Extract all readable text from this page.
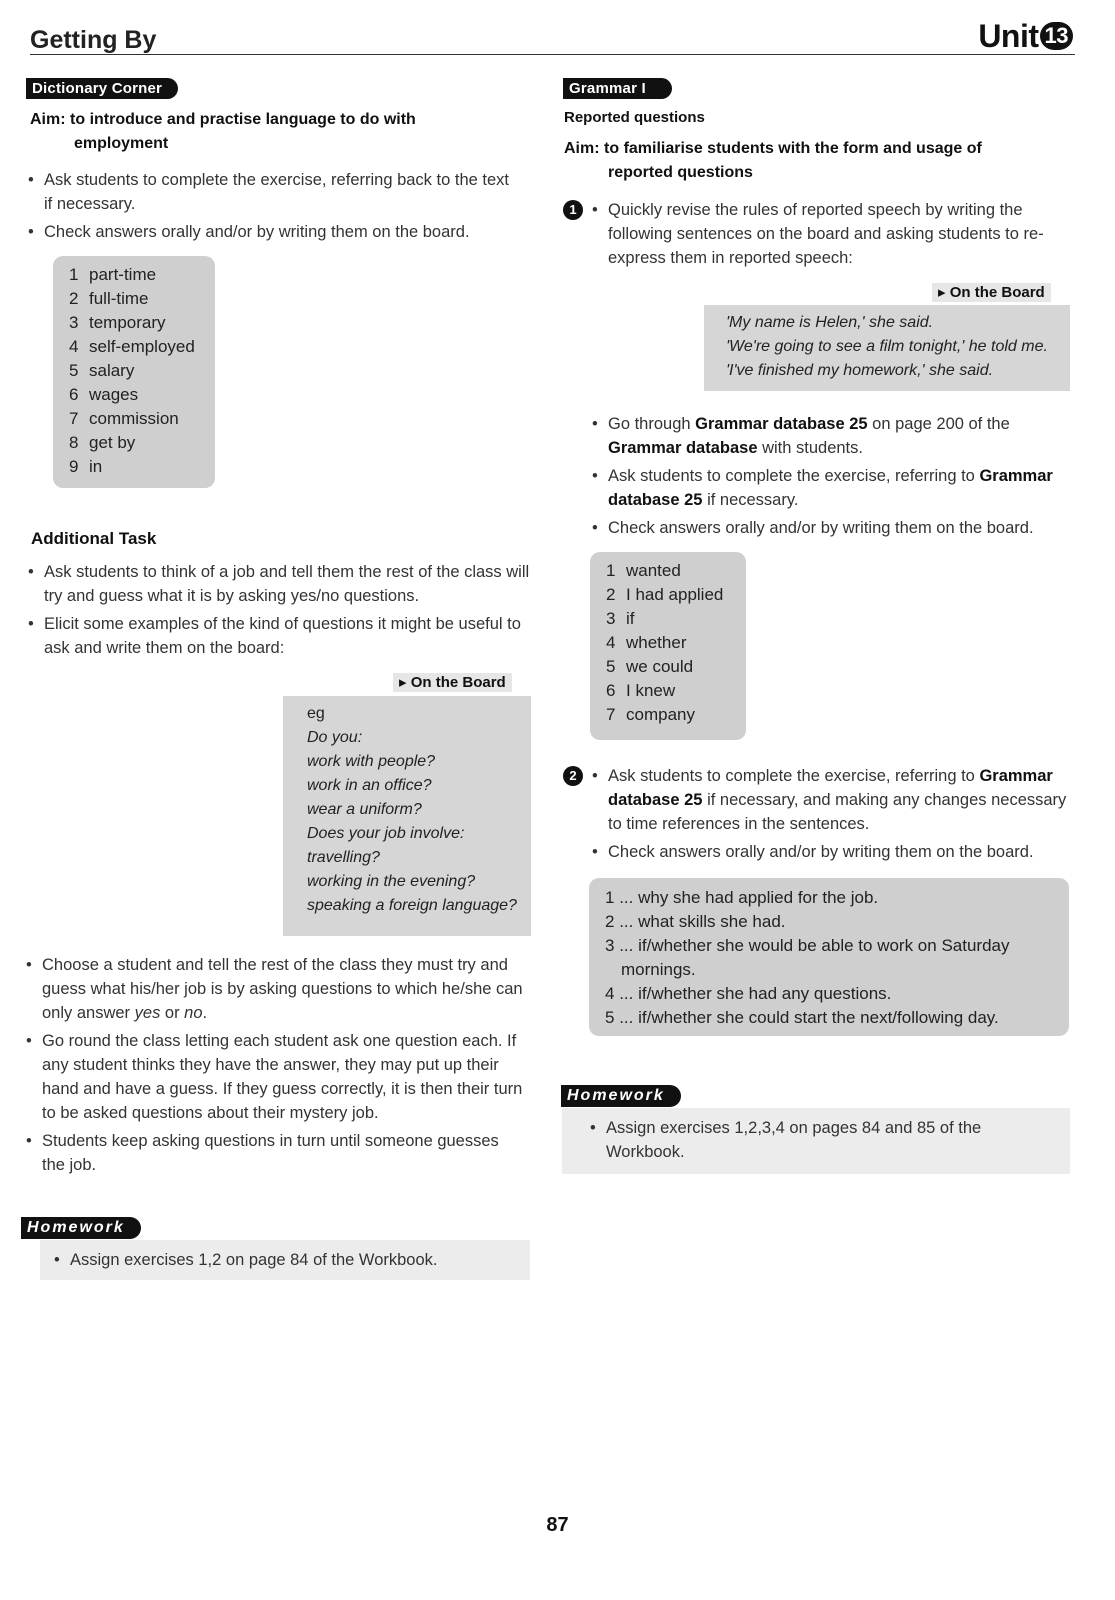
Getting By	Unit 13
Dictionary Corner
Aim: to introduce and practise language to do with
employment
• Ask students to complete the exercise, referring back to the text if necessary.
• Check answers orally and/or by writing them on the board.
1 part-time
2 full-time
3 temporary
4 self-employed
5 salary
6 wages
7 commission
8 get by
9 in
Additional Task
• Ask students to think of a job and tell them the rest of the class will try and guess what it is by asking yes/no questions.
• Elicit some examples of the kind of questions it might be useful to ask and write them on the board:
▸ On the Board
eg
Do you:
work with people?
work in an office?
wear a uniform?
Does your job involve:
travelling?
working in the evening?
speaking a foreign language?
• Choose a student and tell the rest of the class they must try and guess what his/her job is by asking questions to which he/she can only answer yes or no.
• Go round the class letting each student ask one question each. If any student thinks they have the answer, they may put up their hand and have a guess. If they guess correctly, it is then their turn to be asked questions about their mystery job.
• Students keep asking questions in turn until someone guesses the job.
Homework
• Assign exercises 1,2 on page 84 of the Workbook.
Grammar I
Reported questions
Aim: to familiarise students with the form and usage of
reported questions
1	• Quickly revise the rules of reported speech by writing the following sentences on the board and asking students to re-express them in reported speech:
▸ On the Board
'My name is Helen,' she said.
'We're going to see a film tonight,' he told me.
'I've finished my homework,' she said.
• Go through Grammar database 25 on page 200 of the Grammar database with students.
• Ask students to complete the exercise, referring to Grammar database 25 if necessary.
• Check answers orally and/or by writing them on the board.
1 wanted
2 I had applied
3 if
4 whether
5 we could
6 I knew
7 company
2	• Ask students to complete the exercise, referring to Grammar database 25 if necessary, and making any changes necessary to time references in the sentences.
• Check answers orally and/or by writing them on the board.
1 ... why she had applied for the job.
2 ... what skills she had.
3 ... if/whether she would be able to work on Saturday mornings.
4 ... if/whether she had any questions.
5 ... if/whether she could start the next/following day.
Homework
• Assign exercises 1,2,3,4 on pages 84 and 85 of the Workbook.
87
